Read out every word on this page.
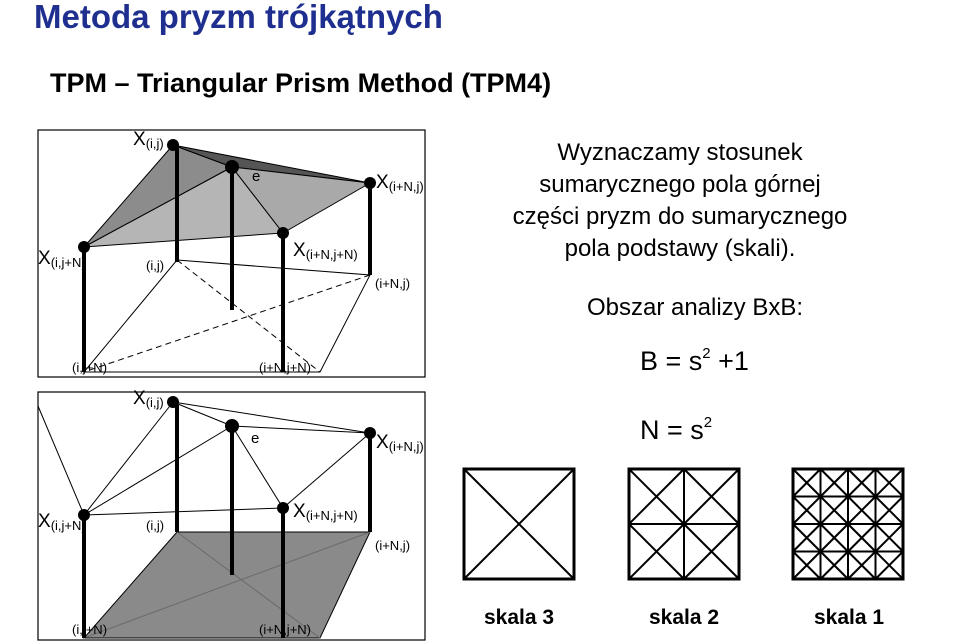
Metoda pryzm trójkątnych
TPM – Triangular Prism Method (TPM4)
X(i,j)
e	X(i+N,j)
X(i,j+N)	(i,j)
X(i+N,j+N)
(i+N,j)
(i,j+N)	(i+N,j+N)
X(i,j)
e	X(i+N,j)
X(i,j+N)	(i,j)
X(i+N,j+N)
(i+N,j)
(i,j+N)	(i+N,j+N)
Wyznaczamy stosunek
sumarycznego pola górnej
części pryzm do sumarycznego
pola podstawy (skali).
Obszar analizy BxB:
$B = s^2 +1$
$N = s^2$
skala 3	skala 2	skala 1
